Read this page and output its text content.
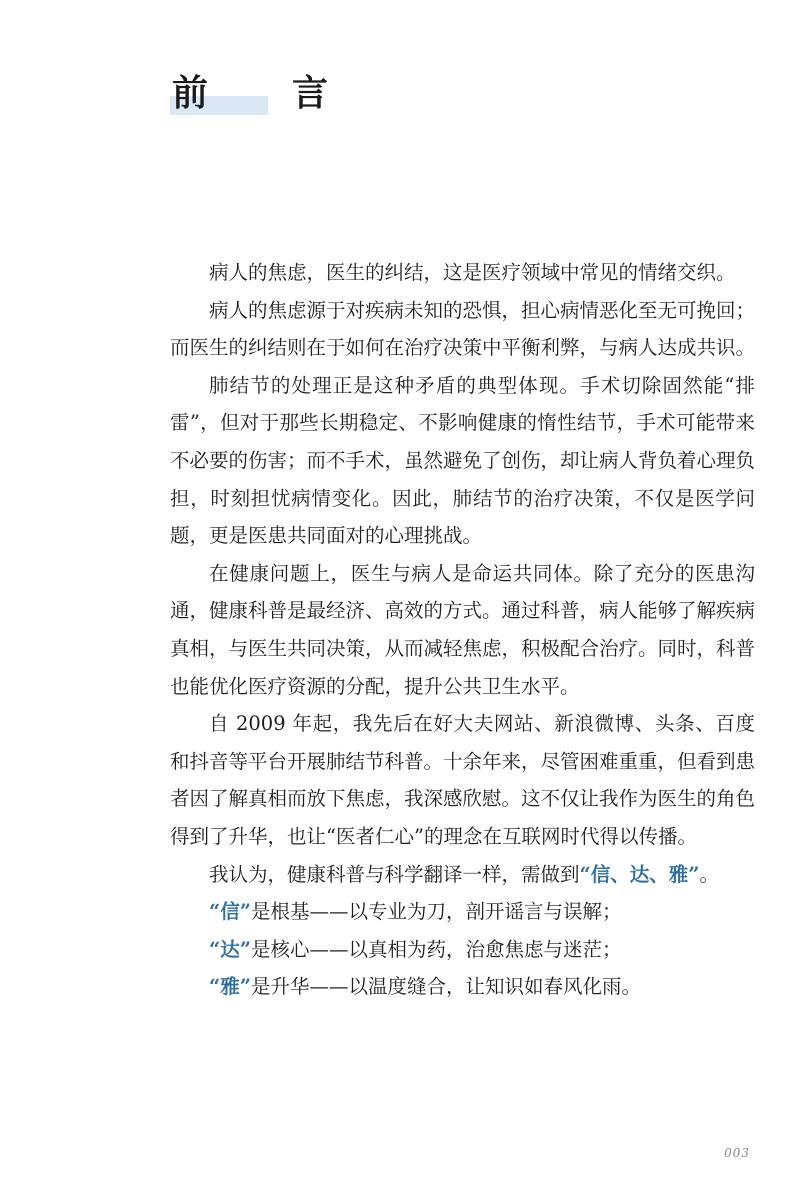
前　言

病人的焦虑，医生的纠结，这是医疗领域中常见的情绪交织。

病人的焦虑源于对疾病未知的恐惧，担心病情恶化至无可挽回；而医生的纠结则在于如何在治疗决策中平衡利弊，与病人达成共识。

肺结节的处理正是这种矛盾的典型体现。手术切除固然能“排雷”，但对于那些长期稳定、不影响健康的惰性结节，手术可能带来不必要的伤害；而不手术，虽然避免了创伤，却让病人背负着心理负担，时刻担忧病情变化。因此，肺结节的治疗决策，不仅是医学问题，更是医患共同面对的心理挑战。

在健康问题上，医生与病人是命运共同体。除了充分的医患沟通，健康科普是最经济、高效的方式。通过科普，病人能够了解疾病真相，与医生共同决策，从而减轻焦虑，积极配合治疗。同时，科普也能优化医疗资源的分配，提升公共卫生水平。

自 2009 年起，我先后在好大夫网站、新浪微博、头条、百度和抖音等平台开展肺结节科普。十余年来，尽管困难重重，但看到患者因了解真相而放下焦虑，我深感欣慰。这不仅让我作为医生的角色得到了升华，也让“医者仁心”的理念在互联网时代得以传播。

我认为，健康科普与科学翻译一样，需做到“信、达、雅”。

“信”是根基——以专业为刀，剖开谣言与误解；

“达”是核心——以真相为药，治愈焦虑与迷茫；

“雅”是升华——以温度缝合，让知识如春风化雨。

003
